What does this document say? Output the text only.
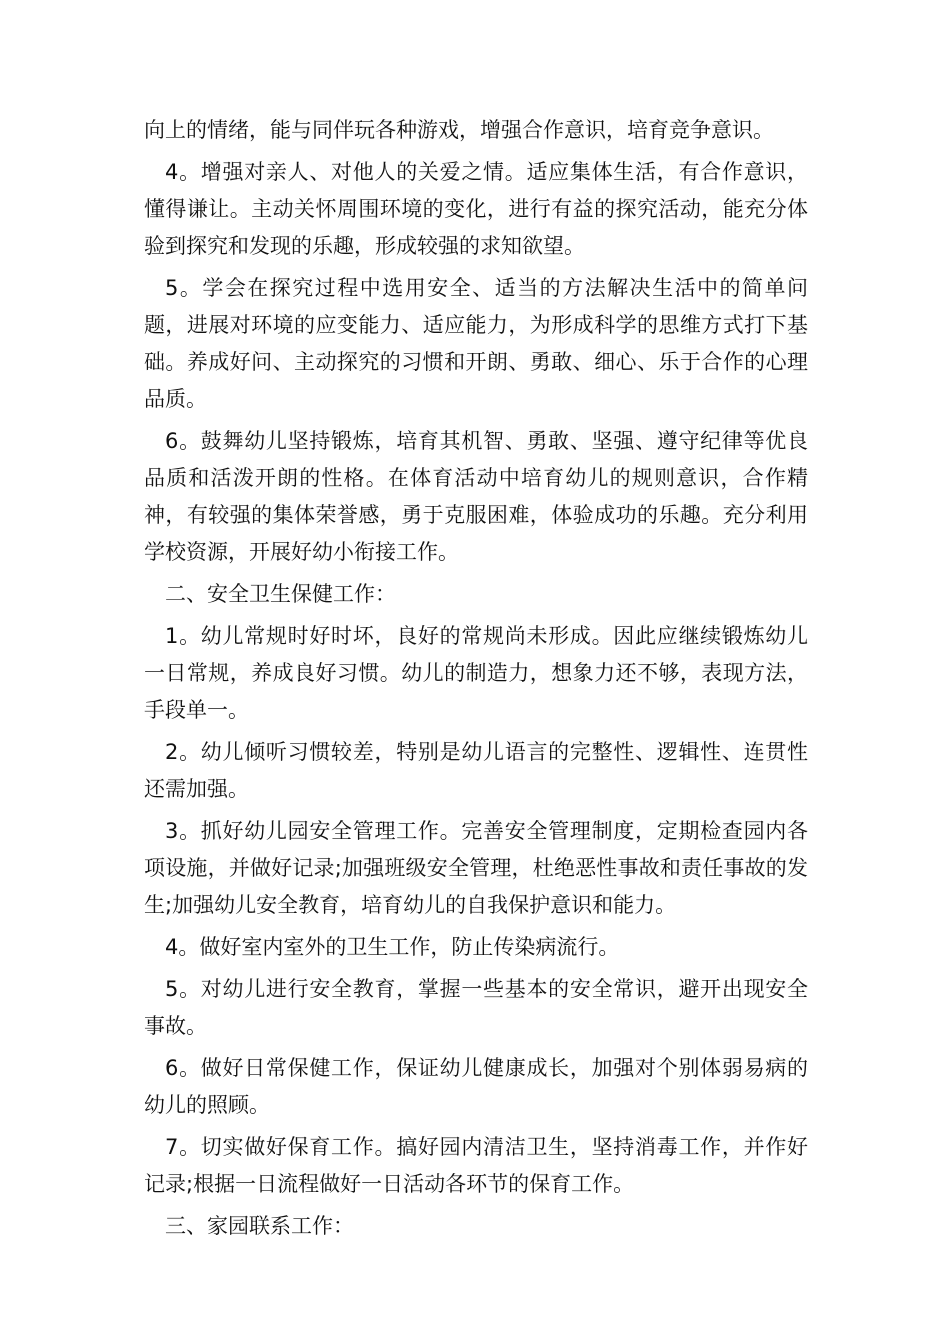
向上的情绪，能与同伴玩各种游戏，增强合作意识，培育竞争意识。

4。增强对亲人、对他人的关爱之情。适应集体生活，有合作意识，懂得谦让。主动关怀周围环境的变化，进行有益的探究活动，能充分体验到探究和发现的乐趣，形成较强的求知欲望。

5。学会在探究过程中选用安全、适当的方法解决生活中的简单问题，进展对环境的应变能力、适应能力，为形成科学的思维方式打下基础。养成好问、主动探究的习惯和开朗、勇敢、细心、乐于合作的心理品质。

6。鼓舞幼儿坚持锻炼，培育其机智、勇敢、坚强、遵守纪律等优良品质和活泼开朗的性格。在体育活动中培育幼儿的规则意识，合作精神，有较强的集体荣誉感，勇于克服困难，体验成功的乐趣。充分利用学校资源，开展好幼小衔接工作。

二、安全卫生保健工作：

1。幼儿常规时好时坏，良好的常规尚未形成。因此应继续锻炼幼儿一日常规，养成良好习惯。幼儿的制造力，想象力还不够，表现方法，手段单一。

2。幼儿倾听习惯较差，特别是幼儿语言的完整性、逻辑性、连贯性还需加强。

3。抓好幼儿园安全管理工作。完善安全管理制度，定期检查园内各项设施，并做好记录;加强班级安全管理，杜绝恶性事故和责任事故的发生;加强幼儿安全教育，培育幼儿的自我保护意识和能力。

4。做好室内室外的卫生工作，防止传染病流行。

5。对幼儿进行安全教育，掌握一些基本的安全常识，避开出现安全事故。

6。做好日常保健工作，保证幼儿健康成长，加强对个别体弱易病的幼儿的照顾。

7。切实做好保育工作。搞好园内清洁卫生，坚持消毒工作，并作好记录;根据一日流程做好一日活动各环节的保育工作。

三、家园联系工作：
